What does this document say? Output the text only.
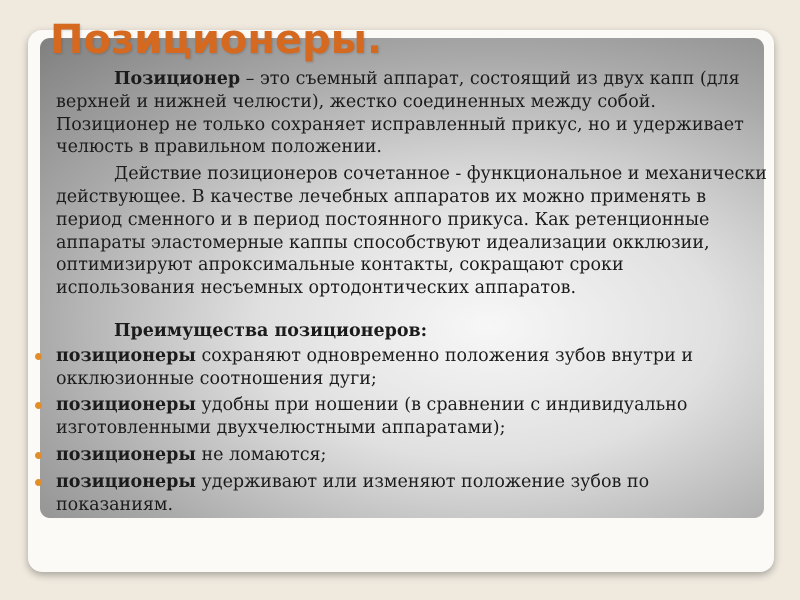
Позиционеры.

Позиционер – это съемный аппарат, состоящий из двух капп (для верхней и нижней челюсти), жестко соединенных между собой. Позиционер не только сохраняет исправленный прикус, но и удерживает челюсть в правильном положении.

Действие позиционеров сочетанное - функциональное и механически действующее. В качестве лечебных аппаратов их можно применять в период сменного и в период постоянного прикуса. Как ретенционные аппараты эластомерные каппы способствуют идеализации окклюзии, оптимизируют апроксимальные контакты, сокращают сроки использования несъемных ортодонтических аппаратов.

Преимущества позиционеров:

позиционеры сохраняют одновременно положения зубов внутри и окклюзионные соотношения дуги;
позиционеры удобны при ношении (в сравнении с индивидуально изготовленными двухчелюстными аппаратами);
позиционеры не ломаются;
позиционеры удерживают или изменяют положение зубов по показаниям.
